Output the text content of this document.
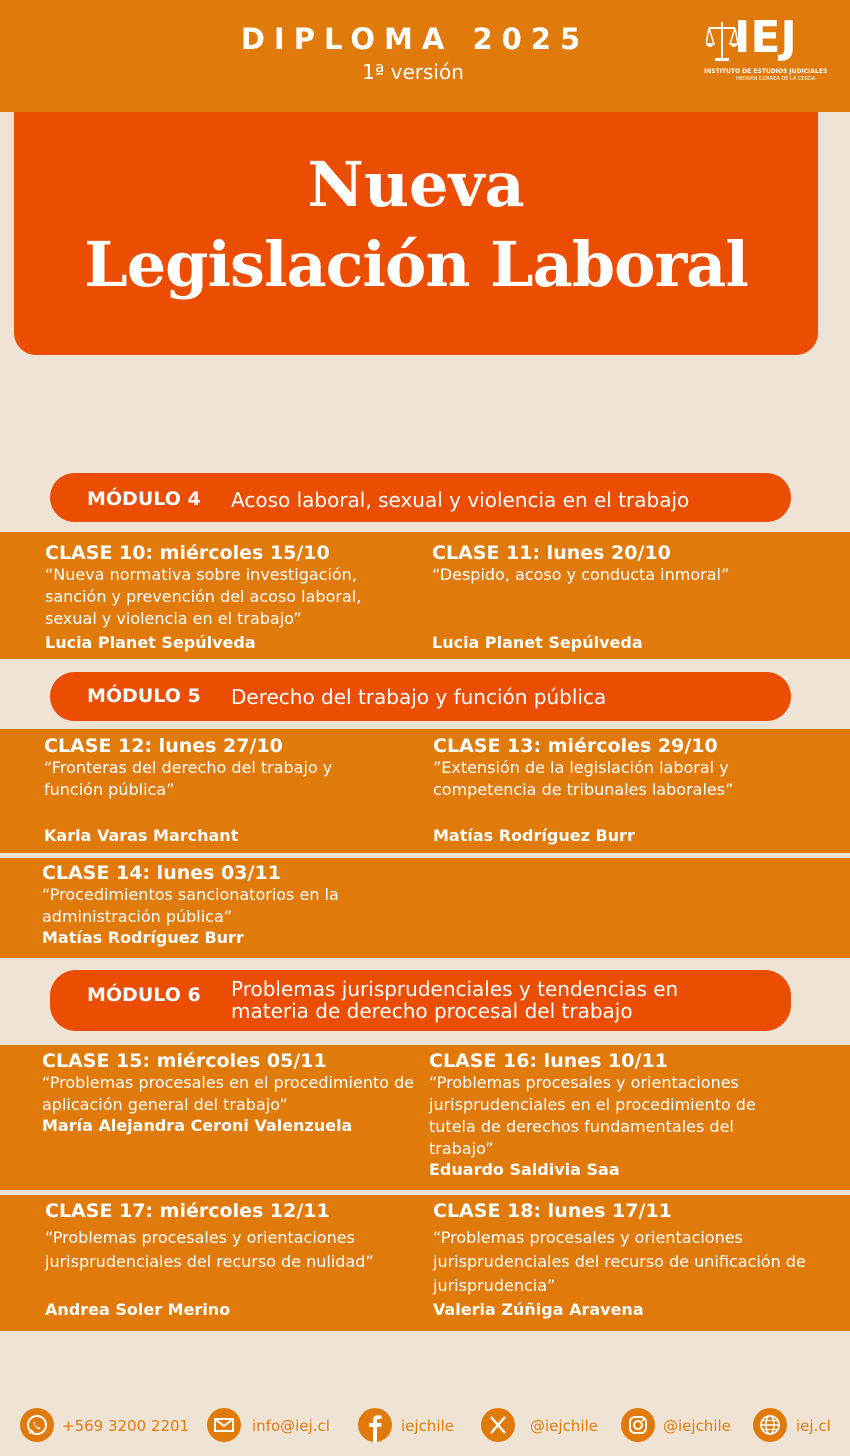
DIPLOMA 2025
1ª versión
IEJ
INSTITUTO DE ESTUDIOS JUDICIALES
HERNÁN CORREA DE LA CERDA
Nueva
Legislación Laboral
MÓDULO 4 Acoso laboral, sexual y violencia en el trabajo
CLASE 10: miércoles 15/10
“Nueva normativa sobre investigación, sanción y prevención del acoso laboral, sexual y violencia en el trabajo”
Lucia Planet Sepúlveda
CLASE 11: lunes 20/10
“Despido, acoso y conducta inmoral”
Lucia Planet Sepúlveda
MÓDULO 5 Derecho del trabajo y función pública
CLASE 12: lunes 27/10
“Fronteras del derecho del trabajo y función pública”
Karla Varas Marchant
CLASE 13: miércoles 29/10
”Extensión de la legislación laboral y competencia de tribunales laborales”
Matías Rodríguez Burr
CLASE 14: lunes 03/11
“Procedimientos sancionatorios en la administración pública”
Matías Rodríguez Burr
MÓDULO 6 Problemas jurisprudenciales y tendencias en
materia de derecho procesal del trabajo
CLASE 15: miércoles 05/11
“Problemas procesales en el procedimiento de aplicación general del trabajo”
María Alejandra Ceroni Valenzuela
CLASE 16: lunes 10/11
“Problemas procesales y orientaciones jurisprudenciales en el procedimiento de tutela de derechos fundamentales del trabajo”
Eduardo Saldivia Saa
CLASE 17: miércoles 12/11
“Problemas procesales y orientaciones jurisprudenciales del recurso de nulidad”
Andrea Soler Merino
CLASE 18: lunes 17/11
“Problemas procesales y orientaciones jurisprudenciales del recurso de unificación de jurisprudencia”
Valeria Zúñiga Aravena
+569 3200 2201	info@iej.cl	iejchile	@iejchile	@iejchile	iej.cl
